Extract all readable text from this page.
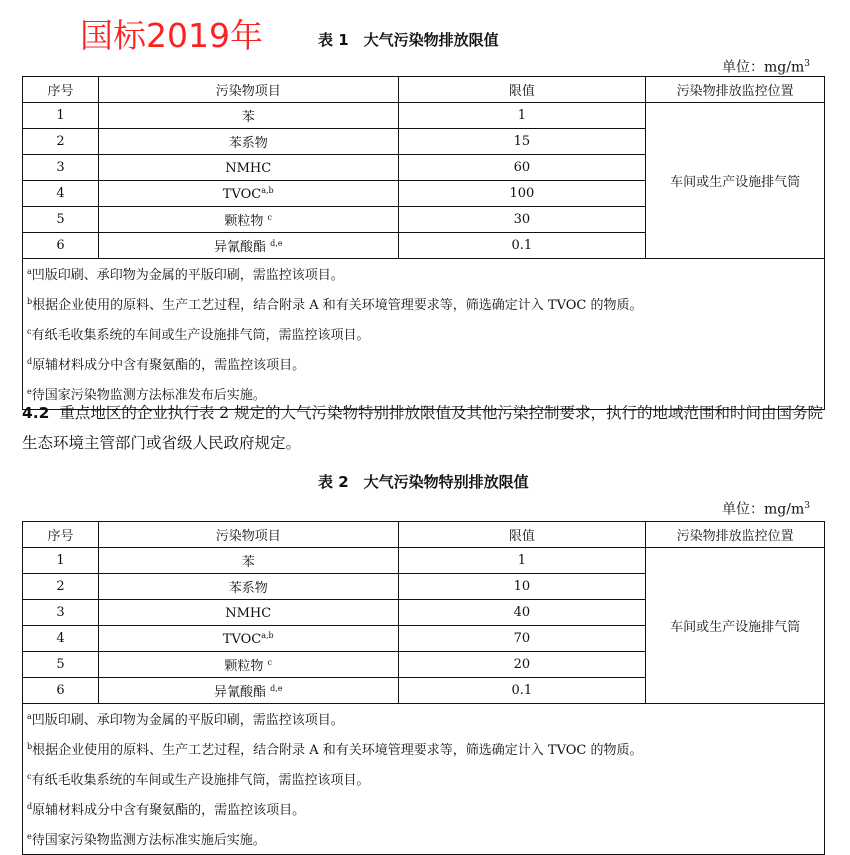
国标2019年	表 1　大气污染物排放限值
单位：$mg/m^3$
序号	污染物项目	限值	污染物排放监控位置
1	苯	1	车间或生产设施排气筒
2	苯系物	15	
3	NMHC	60	
4	TVOC$^{a,b}$	100	
5	颗粒物 $^c$	30	
6	异氰酸酯 $^{d,e}$	0.1	

$^a$凹版印刷、承印物为金属的平版印刷，需监控该项目。
$^b$根据企业使用的原料、生产工艺过程，结合附录 A 和有关环境管理要求等，筛选确定计入 TVOC 的物质。
$^c$有纸毛收集系统的车间或生产设施排气筒，需监控该项目。
$^d$原辅材料成分中含有聚氨酯的，需监控该项目。
$^e$待国家污染物监测方法标准发布后实施。			
4.2 重点地区的企业执行表 2 规定的大气污染物特别排放限值及其他污染控制要求，执行的地域范围和时间由国务院生态环境主管部门或省级人民政府规定。
表 2　大气污染物特别排放限值
单位：$mg/m^3$
序号	污染物项目	限值	污染物排放监控位置
1	苯	1	车间或生产设施排气筒
2	苯系物	10	
3	NMHC	40	
4	TVOC$^{a,b}$	70	
5	颗粒物 $^c$	20	
6	异氰酸酯 $^{d,e}$	0.1	

$^a$凹版印刷、承印物为金属的平版印刷，需监控该项目。
$^b$根据企业使用的原料、生产工艺过程，结合附录 A 和有关环境管理要求等，筛选确定计入 TVOC 的物质。
$^c$有纸毛收集系统的车间或生产设施排气筒，需监控该项目。
$^d$原辅材料成分中含有聚氨酯的，需监控该项目。
$^e$待国家污染物监测方法标准实施后实施。			
